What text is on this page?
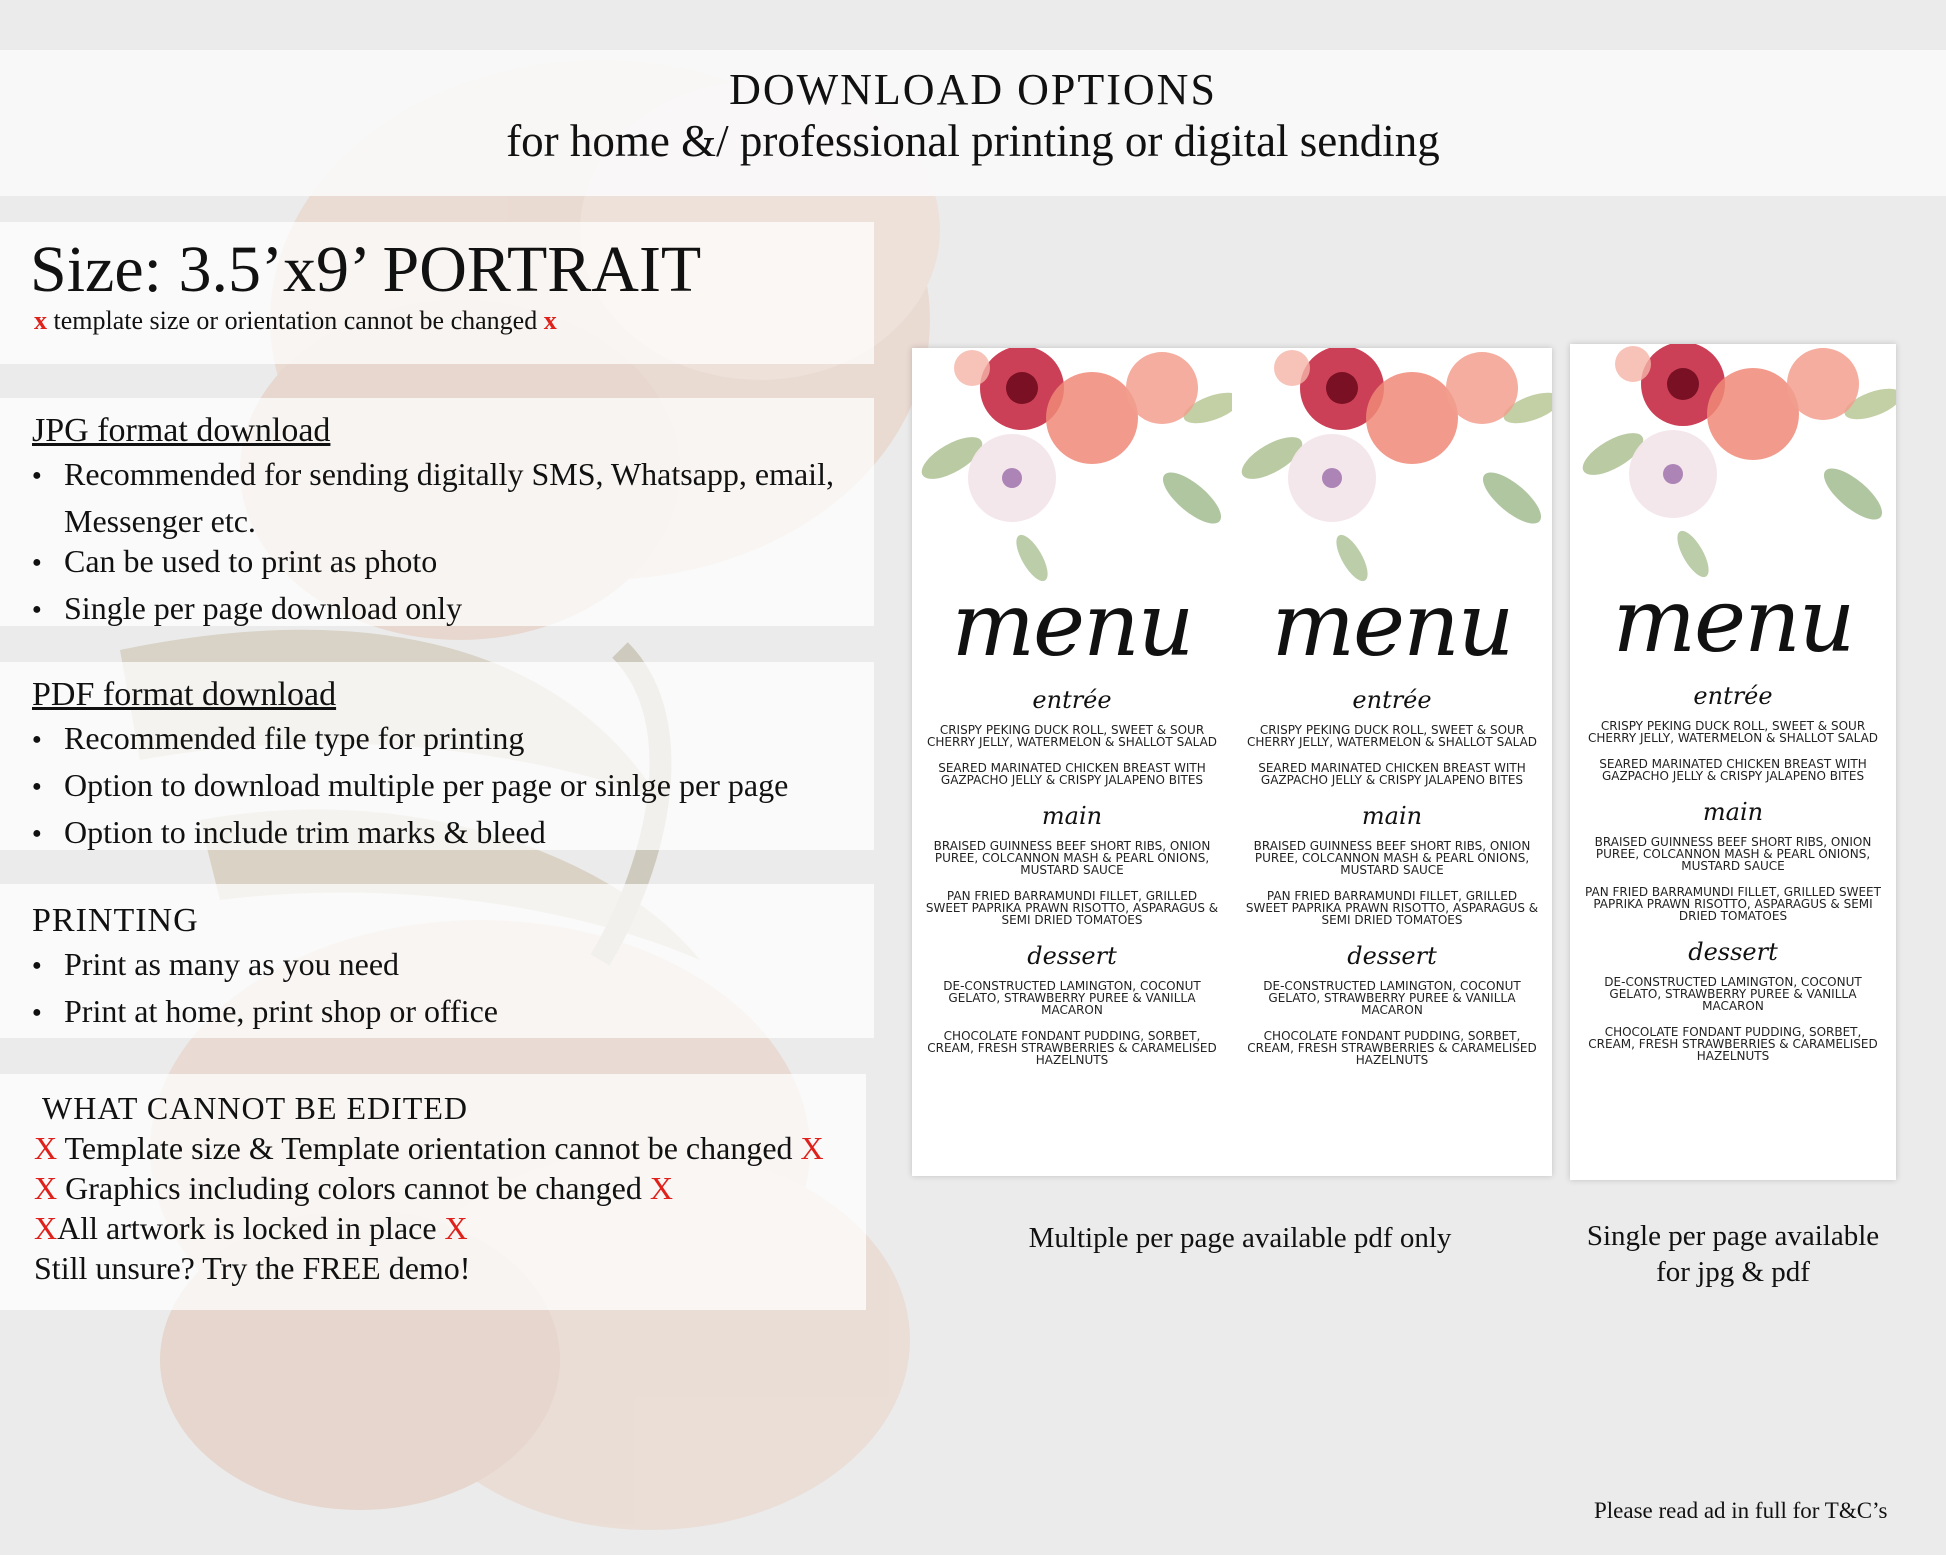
DOWNLOAD OPTIONS
for home &/ professional printing or digital sending
Size: 3.5’x9’ PORTRAIT
x template size or orientation cannot be changed x

JPG format download

● Recommended for sending digitally SMS, Whatsapp, email, Messenger etc.
● Can be used to print as photo
● Single per page download only

PDF format download

● Recommended file type for printing
● Option to download multiple per page or sinlge per page
● Option to include trim marks & bleed

PRINTING

● Print as many as you need
● Print at home, print shop or office
WHAT CANNOT BE EDITED
X Template size & Template orientation cannot be changed X
X Graphics including colors cannot be changed X
XAll artwork is locked in place X
Still unsure? Try the FREE demo!
menu
entrée
CRISPY PEKING DUCK ROLL, SWEET & SOUR CHERRY JELLY, WATERMELON & SHALLOT SALAD
SEARED MARINATED CHICKEN BREAST WITH GAZPACHO JELLY & CRISPY JALAPENO BITES
main
BRAISED GUINNESS BEEF SHORT RIBS, ONION PUREE, COLCANNON MASH & PEARL ONIONS, MUSTARD SAUCE
PAN FRIED BARRAMUNDI FILLET, GRILLED SWEET PAPRIKA PRAWN RISOTTO, ASPARAGUS & SEMI DRIED TOMATOES
dessert
DE-CONSTRUCTED LAMINGTON, COCONUT GELATO, STRAWBERRY PUREE & VANILLA MACARON
CHOCOLATE FONDANT PUDDING, SORBET, CREAM, FRESH STRAWBERRIES & CARAMELISED HAZELNUTS
menu
entrée
CRISPY PEKING DUCK ROLL, SWEET & SOUR CHERRY JELLY, WATERMELON & SHALLOT SALAD
SEARED MARINATED CHICKEN BREAST WITH GAZPACHO JELLY & CRISPY JALAPENO BITES
main
BRAISED GUINNESS BEEF SHORT RIBS, ONION PUREE, COLCANNON MASH & PEARL ONIONS, MUSTARD SAUCE
PAN FRIED BARRAMUNDI FILLET, GRILLED SWEET PAPRIKA PRAWN RISOTTO, ASPARAGUS & SEMI DRIED TOMATOES
dessert
DE-CONSTRUCTED LAMINGTON, COCONUT GELATO, STRAWBERRY PUREE & VANILLA MACARON
CHOCOLATE FONDANT PUDDING, SORBET, CREAM, FRESH STRAWBERRIES & CARAMELISED HAZELNUTS
menu
entrée
CRISPY PEKING DUCK ROLL, SWEET & SOUR CHERRY JELLY, WATERMELON & SHALLOT SALAD
SEARED MARINATED CHICKEN BREAST WITH GAZPACHO JELLY & CRISPY JALAPENO BITES
main
BRAISED GUINNESS BEEF SHORT RIBS, ONION PUREE, COLCANNON MASH & PEARL ONIONS, MUSTARD SAUCE
PAN FRIED BARRAMUNDI FILLET, GRILLED SWEET PAPRIKA PRAWN RISOTTO, ASPARAGUS & SEMI DRIED TOMATOES
dessert
DE-CONSTRUCTED LAMINGTON, COCONUT GELATO, STRAWBERRY PUREE & VANILLA MACARON
CHOCOLATE FONDANT PUDDING, SORBET, CREAM, FRESH STRAWBERRIES & CARAMELISED HAZELNUTS
Multiple per page available pdf only	Single per page available
for jpg & pdf
Please read ad in full for T&C’s
